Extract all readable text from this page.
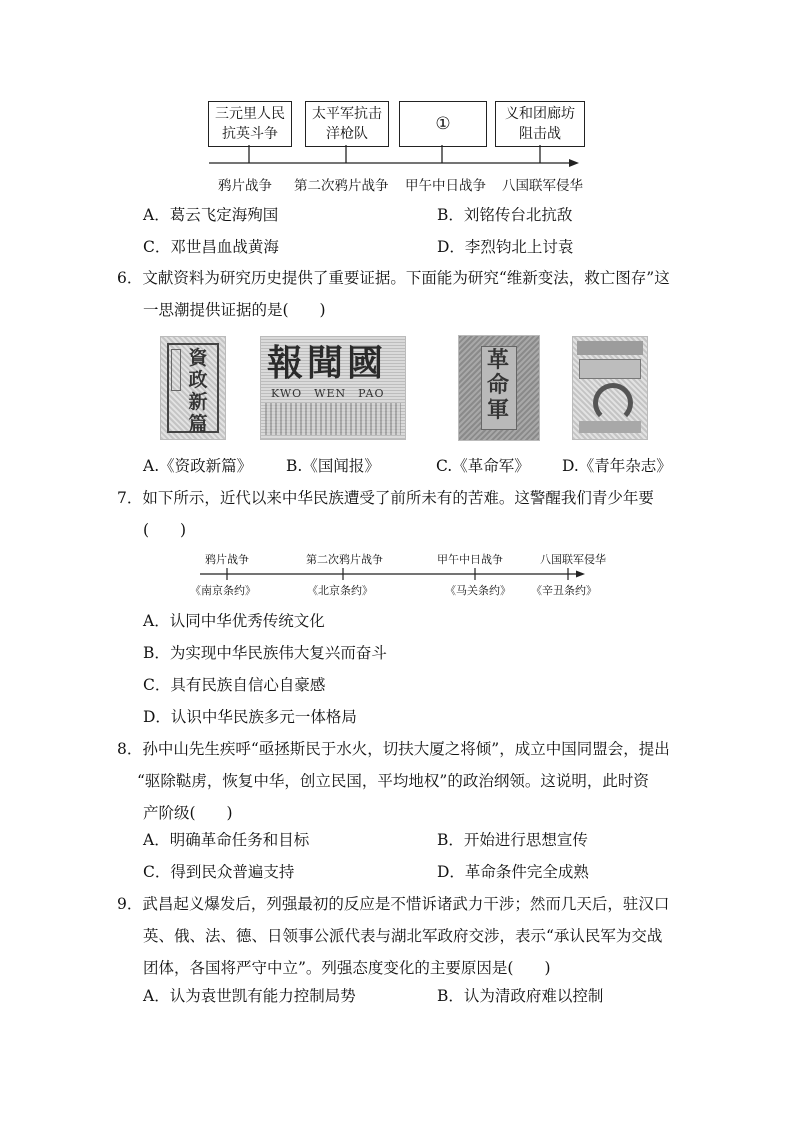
三元里人民
抗英斗争
太平军抗击
洋枪队	①	义和团廊坊
阻击战
鸦片战争 第二次鸦片战争 甲午中日战争 八国联军侵华
A．葛云飞定海殉国	B．刘铭传台北抗敌
C．邓世昌血战黄海	D．李烈钧北上讨袁
6．文献资料为研究历史提供了重要证据。下面能为研究“维新变法，救亡图存”这
一思潮提供证据的是(　　)
資政新篇
報聞國
KWO　WEN　PAO
革命軍
A.《资政新篇》 B.《国闻报》	C.《革命军》 D.《青年杂志》
7．如下所示，近代以来中华民族遭受了前所未有的苦难。这警醒我们青少年要
(　　)
鸦片战争	第二次鸦片战争	甲午中日战争	八国联军侵华
《南京条约》	《北京条约》	《马关条约》 《辛丑条约》
A．认同中华优秀传统文化
B．为实现中华民族伟大复兴而奋斗
C．具有民族自信心自豪感
D．认识中华民族多元一体格局
8．孙中山先生疾呼“亟拯斯民于水火，切扶大厦之将倾”，成立中国同盟会，提出
“驱除鞑虏，恢复中华，创立民国，平均地权”的政治纲领。这说明，此时资
产阶级(　　)
A．明确革命任务和目标	B．开始进行思想宣传
C．得到民众普遍支持	D．革命条件完全成熟
9．武昌起义爆发后，列强最初的反应是不惜诉诸武力干涉；然而几天后，驻汉口
英、俄、法、德、日领事公派代表与湖北军政府交涉，表示“承认民军为交战
团体，各国将严守中立”。列强态度变化的主要原因是(　　)
A．认为袁世凯有能力控制局势	B．认为清政府难以控制
